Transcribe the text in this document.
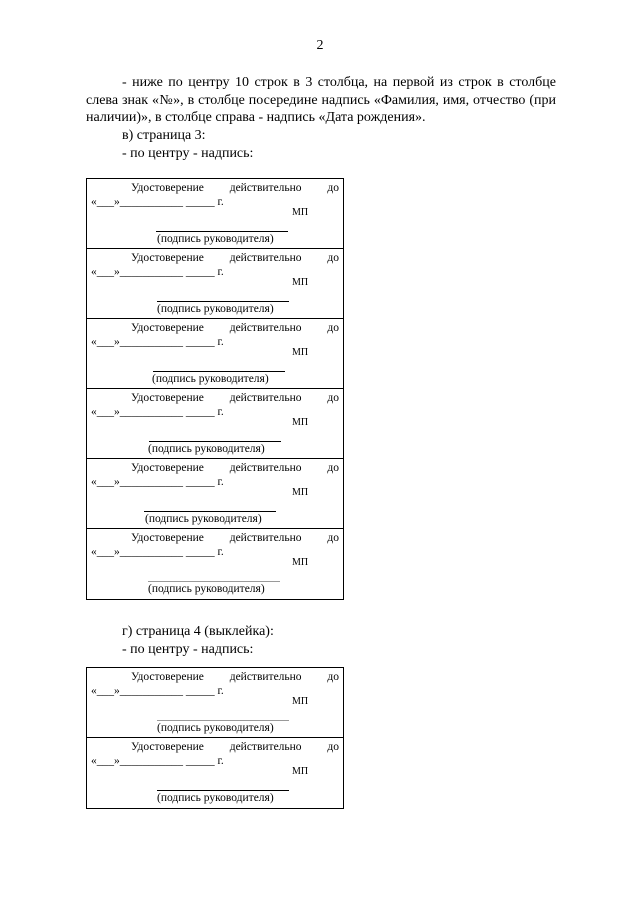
2
- ниже по центру 10 строк в 3 столбца, на первой из строк в столбце слева знак «№», в столбце посередине надпись «Фамилия, имя, отчество (при наличии)», в столбце справа - надпись «Дата рождения».
в) страница 3:
- по центру - надпись:
Удостоверение действительно до
«___»___________ _____ г.
МП
(подпись руководителя)
Удостоверение действительно до
«___»___________ _____ г.
МП
(подпись руководителя)
Удостоверение действительно до
«___»___________ _____ г.
МП
(подпись руководителя)
Удостоверение действительно до
«___»___________ _____ г.
МП
(подпись руководителя)
Удостоверение действительно до
«___»___________ _____ г.
МП
(подпись руководителя)
Удостоверение действительно до
«___»___________ _____ г.
МП
(подпись руководителя)
г) страница 4 (выклейка):
- по центру - надпись:
Удостоверение действительно до
«___»___________ _____ г.
МП
(подпись руководителя)
Удостоверение действительно до
«___»___________ _____ г.
МП
(подпись руководителя)
